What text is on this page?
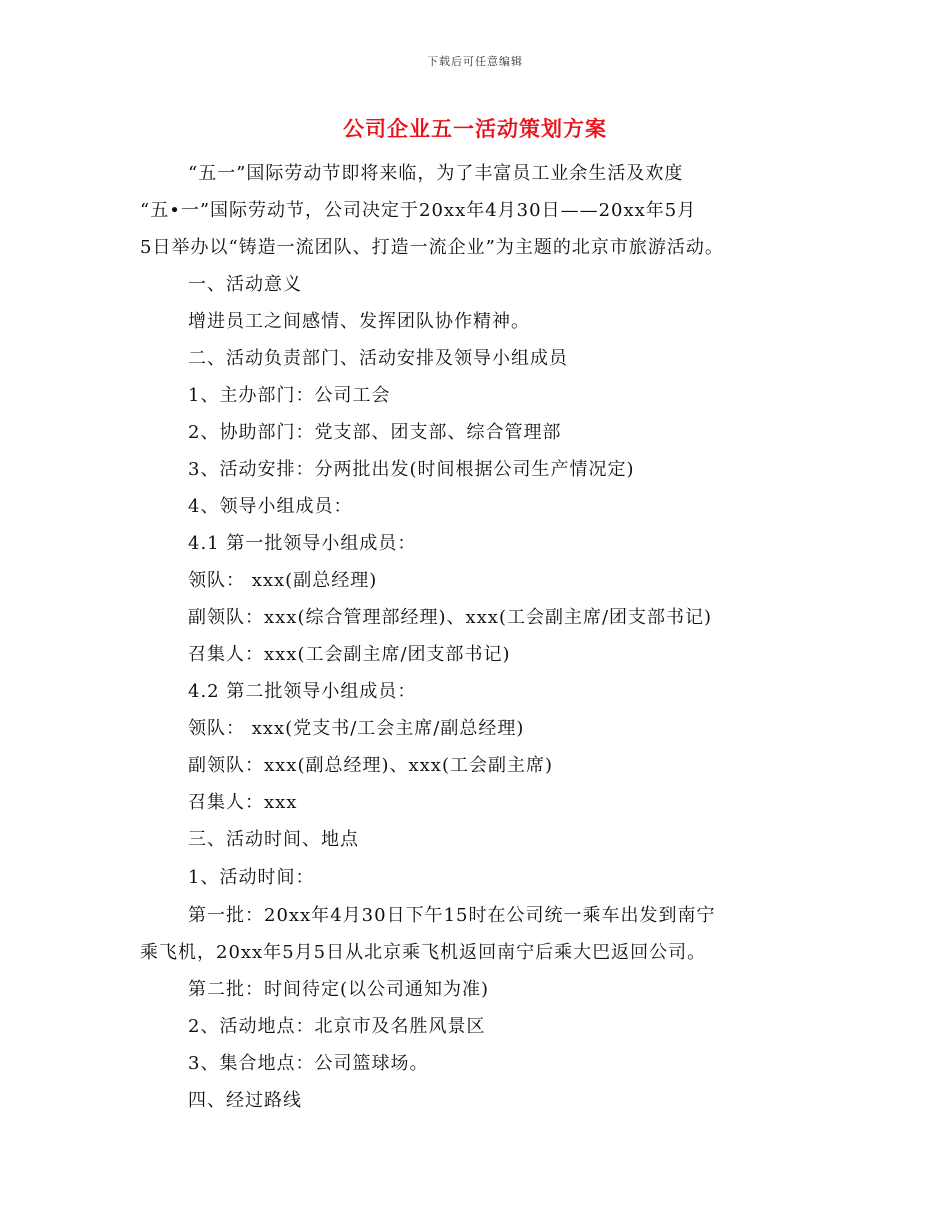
下载后可任意编辑
公司企业五一活动策划方案
“五一”国际劳动节即将来临，为了丰富员工业余生活及欢度
“五•一”国际劳动节，公司决定于20xx年4月30日——20xx年5月
5日举办以“铸造一流团队、打造一流企业”为主题的北京市旅游活动。
一、活动意义
增进员工之间感情、发挥团队协作精神。
二、活动负责部门、活动安排及领导小组成员
1、主办部门：公司工会
2、协助部门：党支部、团支部、综合管理部
3、活动安排：分两批出发(时间根据公司生产情况定)
4、领导小组成员：
4.1 第一批领导小组成员：
领队： xxx(副总经理)
副领队：xxx(综合管理部经理)、xxx(工会副主席/团支部书记)
召集人：xxx(工会副主席/团支部书记)
4.2 第二批领导小组成员：
领队： xxx(党支书/工会主席/副总经理)
副领队：xxx(副总经理)、xxx(工会副主席)
召集人：xxx
三、活动时间、地点
1、活动时间：
第一批：20xx年4月30日下午15时在公司统一乘车出发到南宁
乘飞机，20xx年5月5日从北京乘飞机返回南宁后乘大巴返回公司。
第二批：时间待定(以公司通知为准)
2、活动地点：北京市及名胜风景区
3、集合地点：公司篮球场。
四、经过路线
